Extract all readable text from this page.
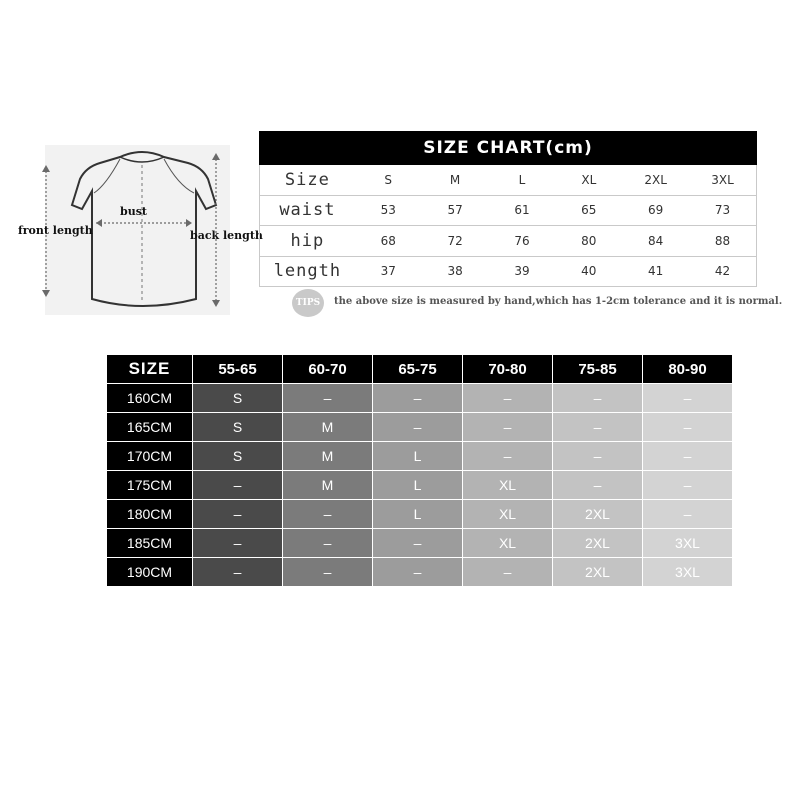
front length
bust
back length
SIZE CHART(cm)
Size	S	M	L	XL	2XL	3XL
waist	53	57	61	65	69	73
hip	68	72	76	80	84	88
length	37	38	39	40	41	42
TIPS	the above size is measured by hand,which has 1-2cm tolerance and it is normal.
SIZE	55-65	60-70	65-75	70-80	75-85	80-90
160CM	S	–	–	–	–	–
165CM	S	M	–	–	–	–
170CM	S	M	L	–	–	–
175CM	–	M	L	XL	–	–
180CM	–	–	L	XL	2XL	–
185CM	–	–	–	XL	2XL	3XL
190CM	–	–	–	–	2XL	3XL
